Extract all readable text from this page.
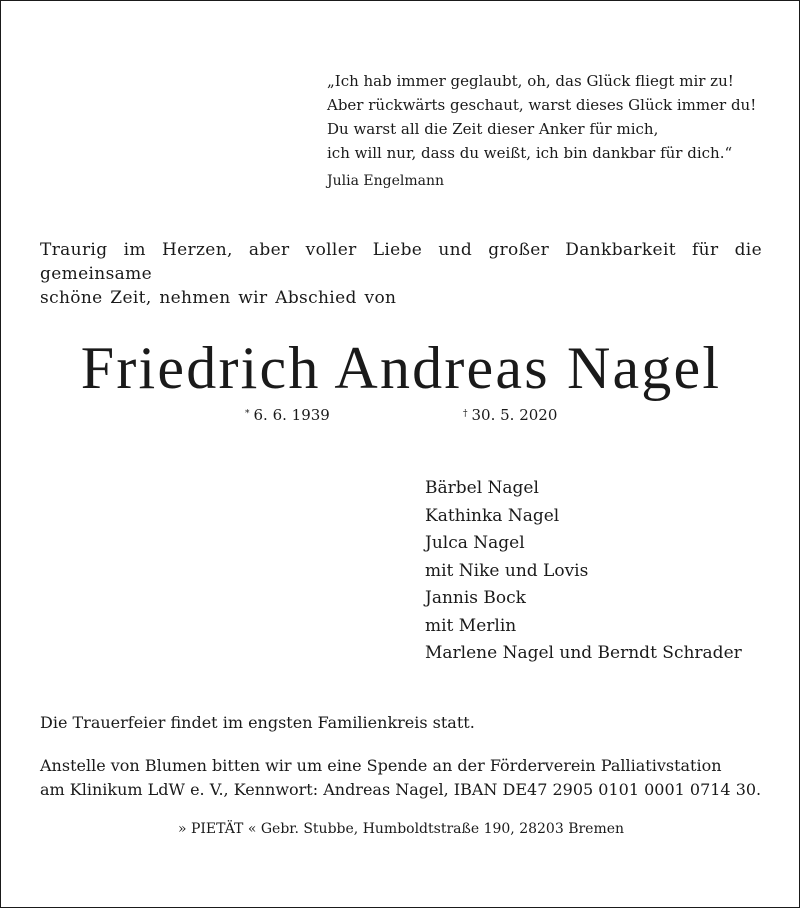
„Ich hab immer geglaubt, oh, das Glück fliegt mir zu!
Aber rückwärts geschaut, warst dieses Glück immer du!
Du warst all die Zeit dieser Anker für mich,
ich will nur, dass du weißt, ich bin dankbar für dich.“
Julia Engelmann
Traurig im Herzen, aber voller Liebe und großer Dankbarkeit für die gemeinsame
schöne Zeit, nehmen wir Abschied von
Friedrich Andreas Nagel
* 6. 6. 1939	† 30. 5. 2020
Bärbel Nagel
Kathinka Nagel
Julca Nagel
mit Nike und Lovis
Jannis Bock
mit Merlin
Marlene Nagel und Berndt Schrader
Die Trauerfeier findet im engsten Familienkreis statt.
Anstelle von Blumen bitten wir um eine Spende an der Förderverein Palliativstation
am Klinikum LdW e. V., Kennwort: Andreas Nagel, IBAN DE47 2905 0101 0001 0714 30.
» PIETÄT « Gebr. Stubbe, Humboldtstraße 190, 28203 Bremen
